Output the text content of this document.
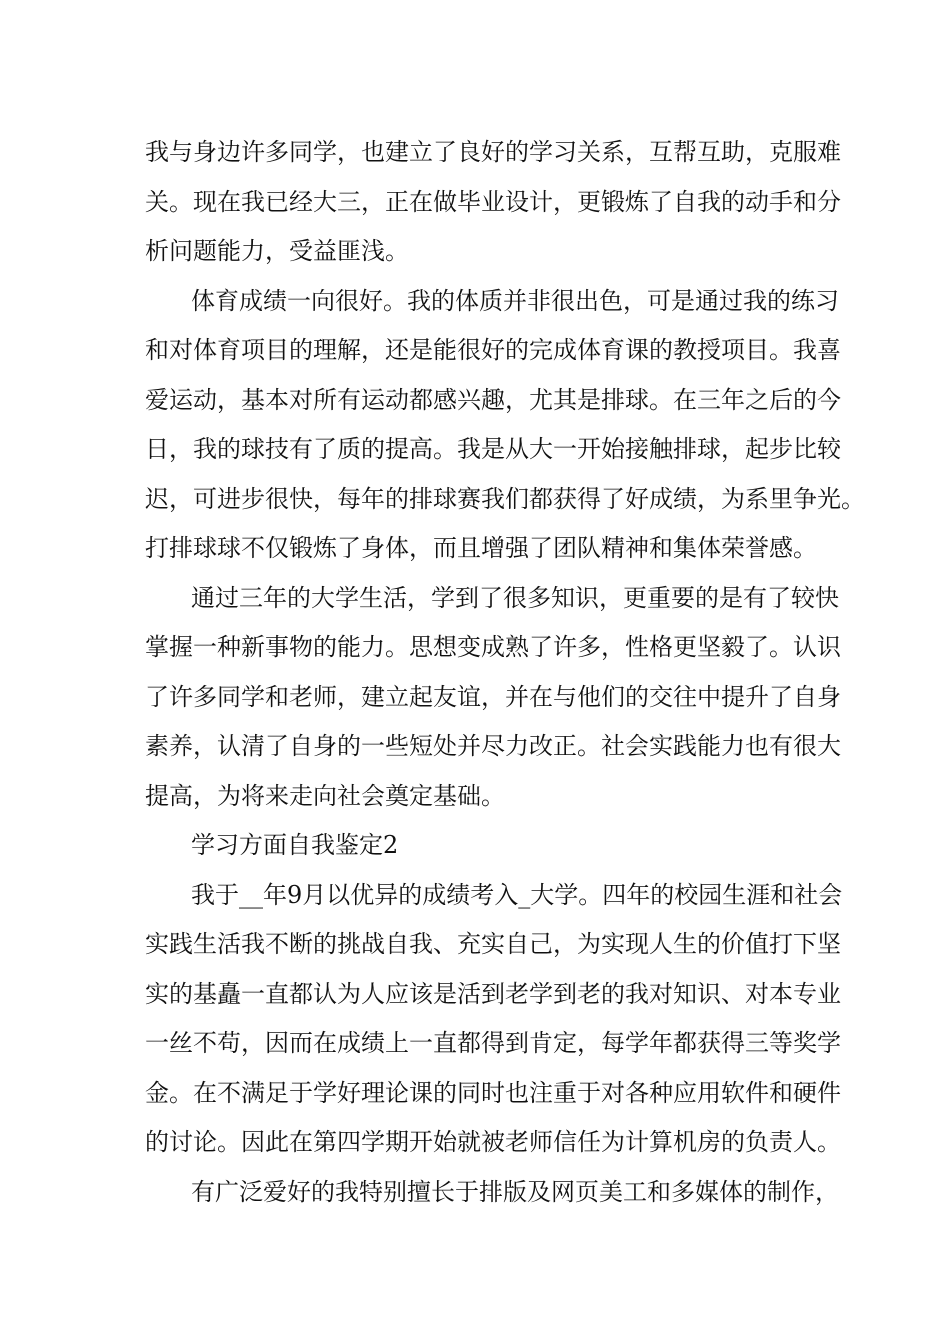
我与身边许多同学，也建立了良好的学习关系，互帮互助，克服难
关。现在我已经大三，正在做毕业设计，更锻炼了自我的动手和分
析问题能力，受益匪浅。
体育成绩一向很好。我的体质并非很出色，可是通过我的练习
和对体育项目的理解，还是能很好的完成体育课的教授项目。我喜
爱运动，基本对所有运动都感兴趣，尤其是排球。在三年之后的今
日，我的球技有了质的提高。我是从大一开始接触排球，起步比较
迟，可进步很快，每年的排球赛我们都获得了好成绩，为系里争光。
打排球球不仅锻炼了身体，而且增强了团队精神和集体荣誉感。
通过三年的大学生活，学到了很多知识，更重要的是有了较快
掌握一种新事物的能力。思想变成熟了许多，性格更坚毅了。认识
了许多同学和老师，建立起友谊，并在与他们的交往中提升了自身
素养，认清了自身的一些短处并尽力改正。社会实践能力也有很大
提高，为将来走向社会奠定基础。
学习方面自我鉴定2
我于__年9月以优异的成绩考入_大学。四年的校园生涯和社会
实践生活我不断的挑战自我、充实自己，为实现人生的价值打下坚
实的基矗一直都认为人应该是活到老学到老的我对知识、对本专业
一丝不苟，因而在成绩上一直都得到肯定，每学年都获得三等奖学
金。在不满足于学好理论课的同时也注重于对各种应用软件和硬件
的讨论。因此在第四学期开始就被老师信任为计算机房的负责人。
有广泛爱好的我特别擅长于排版及网页美工和多媒体的制作，
